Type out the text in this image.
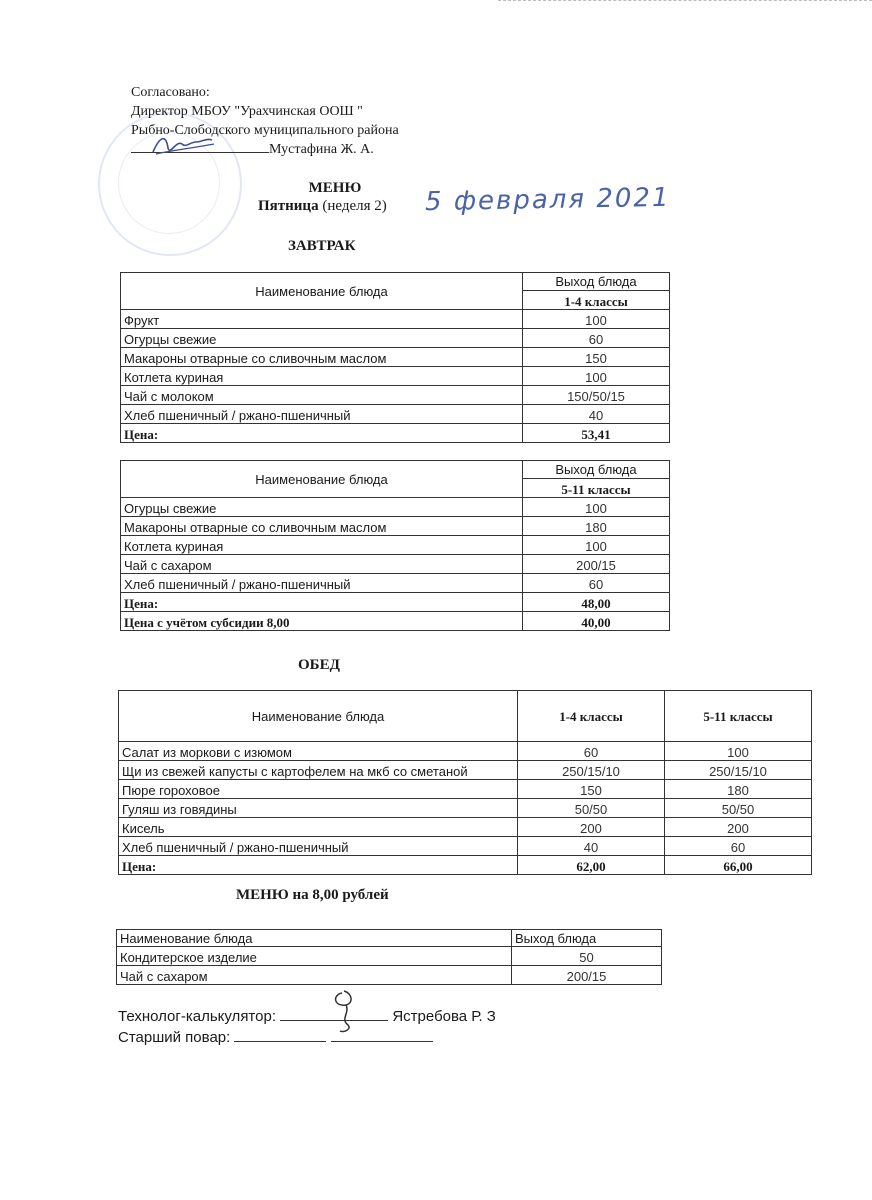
Согласовано:
Директор МБОУ "Урахчинская ООШ "
Рыбно-Слободского муниципального района
Мустафина Ж. А.
МЕНЮ
Пятница (неделя 2) 5 февраля 2021
ЗАВТРАК
Наименование блюда	Выход блюда
	1-4 классы
Фрукт	100
Огурцы свежие	60
Макароны отварные со сливочным маслом	150
Котлета куриная	100
Чай с молоком	150/50/15
Хлеб пшеничный / ржано-пшеничный	40
Цена:	53,41
Наименование блюда	Выход блюда
	5-11 классы
Огурцы свежие	100
Макароны отварные со сливочным маслом	180
Котлета куриная	100
Чай с сахаром	200/15
Хлеб пшеничный / ржано-пшеничный	60
Цена:	48,00
Цена с учётом субсидии 8,00	40,00
ОБЕД
Наименование блюда	1-4 классы	5-11 классы
Салат из моркови с изюмом	60	100
Щи из свежей капусты с картофелем на мкб со сметаной	250/15/10	250/15/10
Пюре гороховое	150	180
Гуляш из говядины	50/50	50/50
Кисель	200	200
Хлеб пшеничный / ржано-пшеничный	40	60
Цена:	62,00	66,00
МЕНЮ на 8,00 рублей
Наименование блюда	Выход блюда
Кондитерское изделие	50
Чай с сахаром	200/15
Технолог-калькулятор:	Ястребова Р. З
Старший повар:
